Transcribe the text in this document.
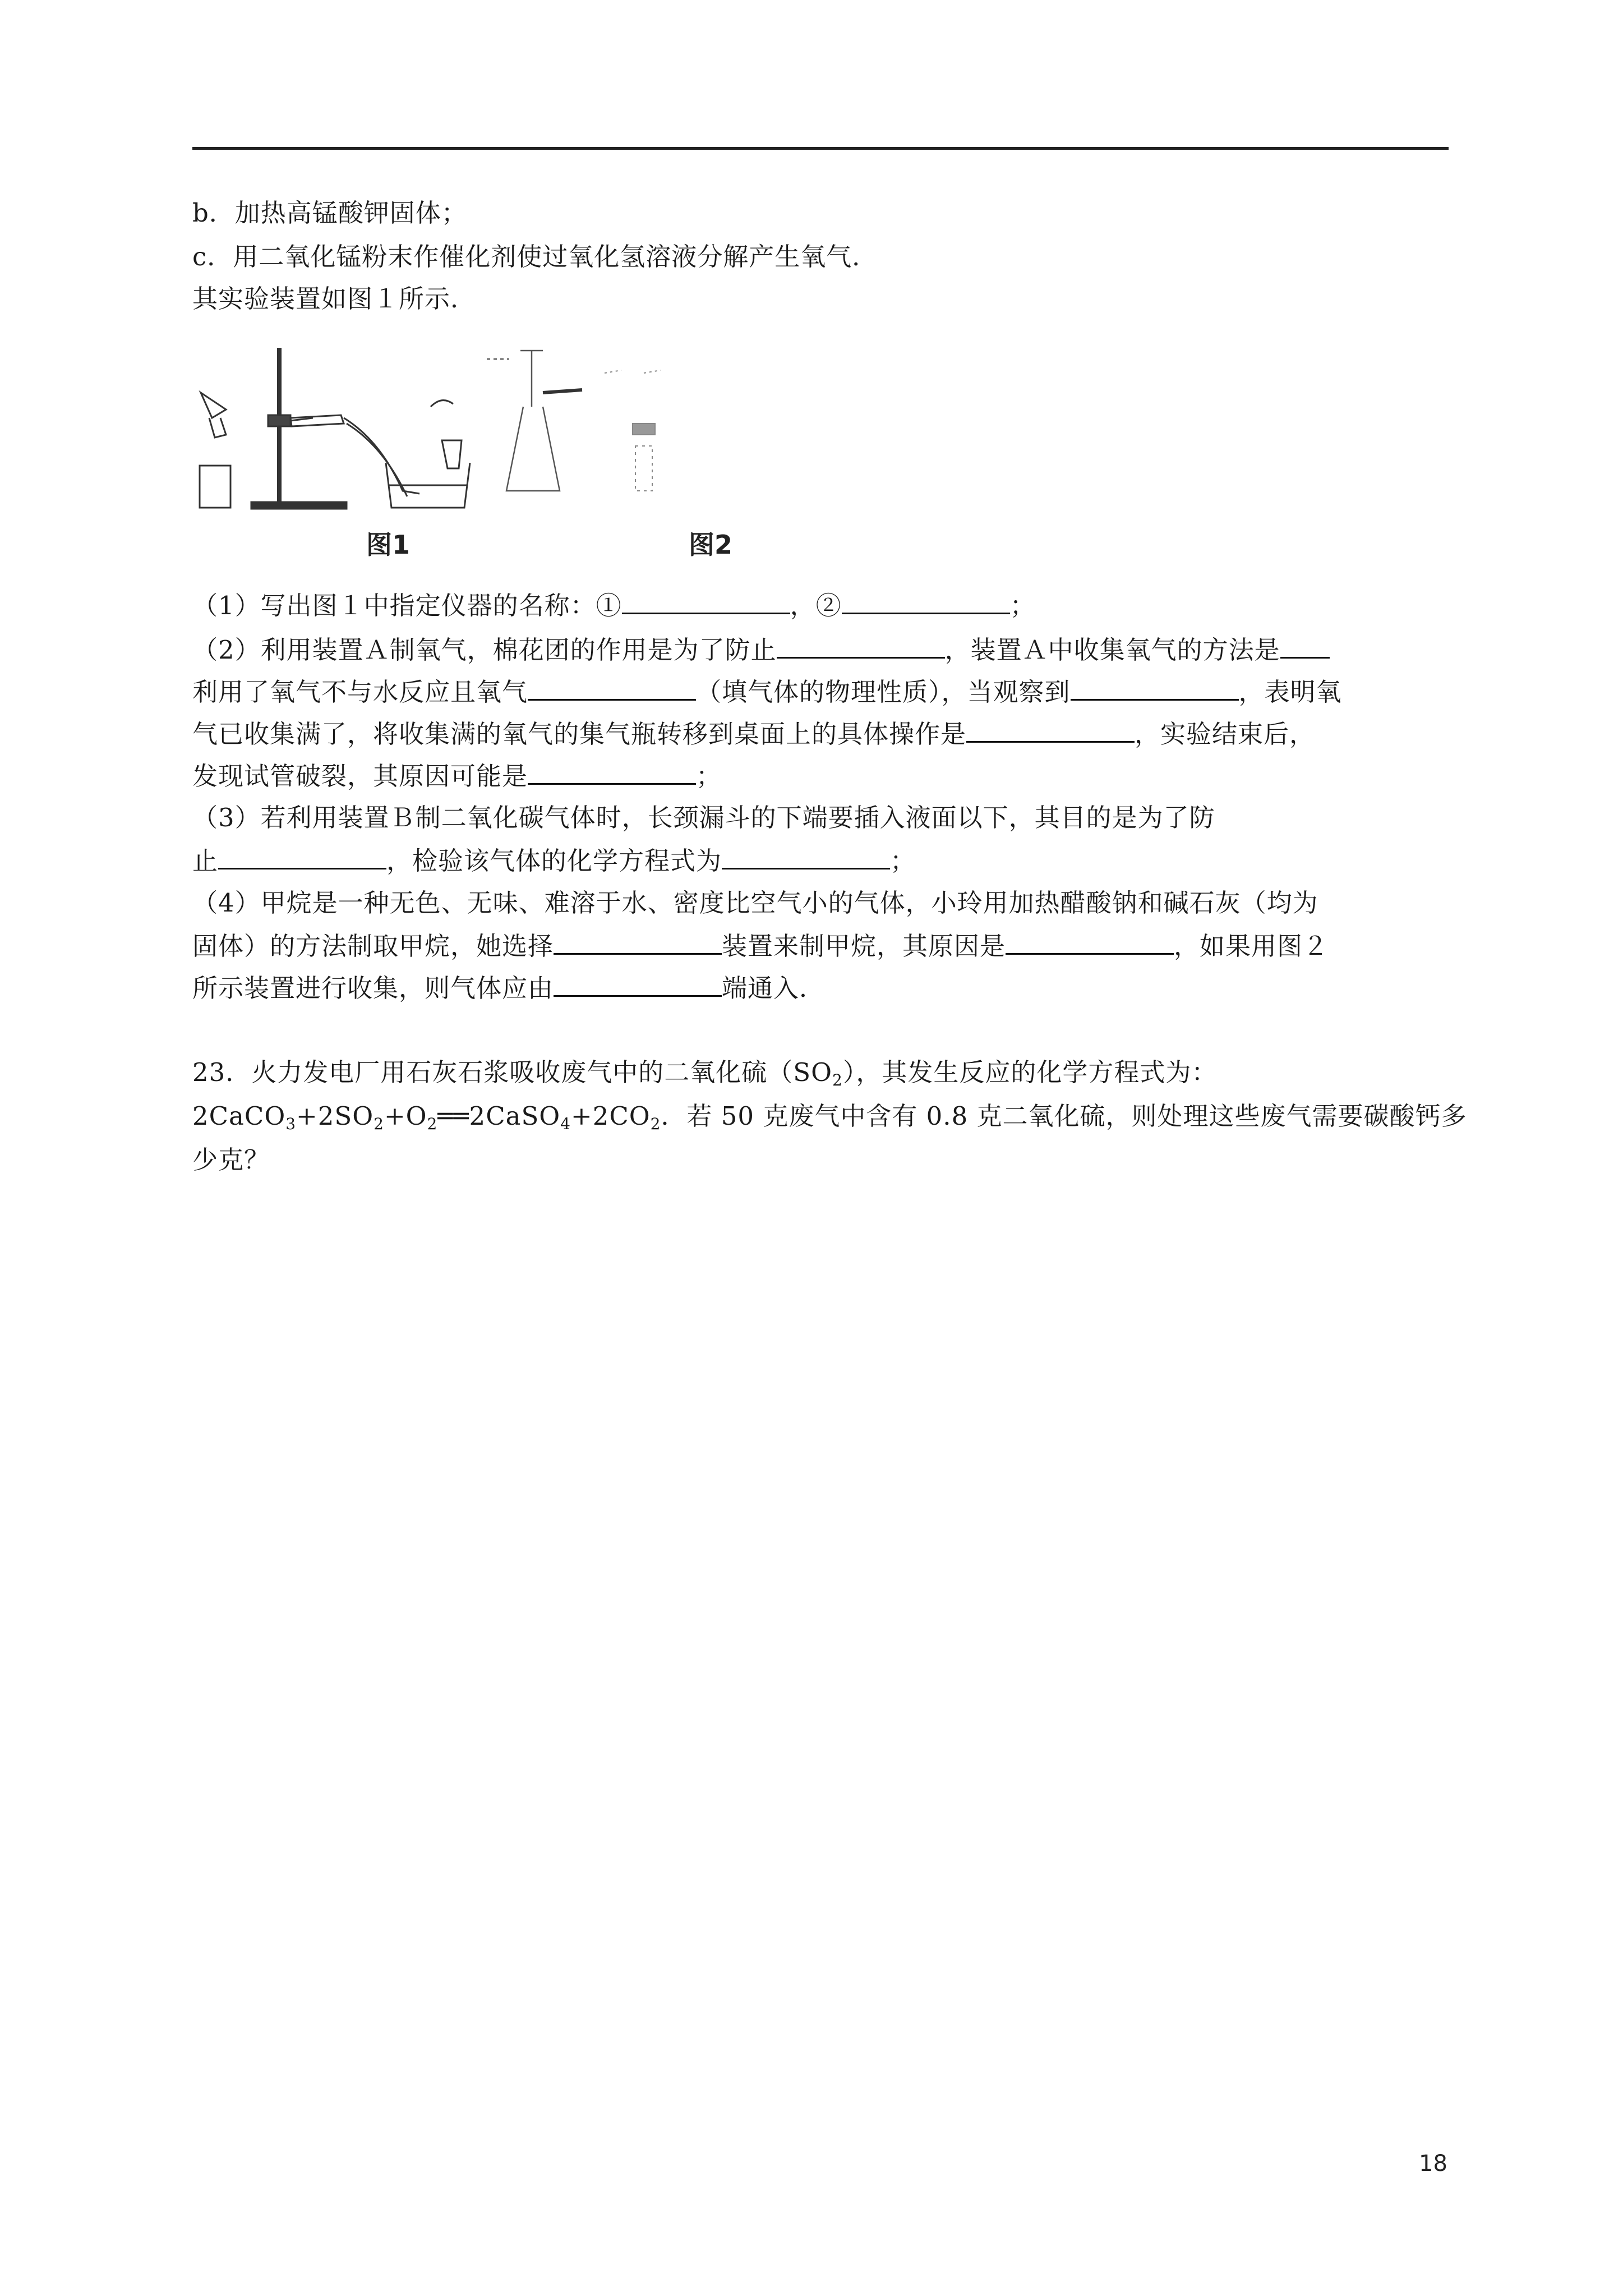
b．加热高锰酸钾固体；
c．用二氧化锰粉末作催化剂使过氧化氢溶液分解产生氧气．
其实验装置如图１所示．
图1	图2
（1）写出图１中指定仪器的名称：①	，②	；
（2）利用装置Ａ制氧气，棉花团的作用是为了防止	，装置Ａ中收集氧气的方法是
利用了氧气不与水反应且氧气	（填气体的物理性质），当观察到	，表明氧
气已收集满了，将收集满的氧气的集气瓶转移到桌面上的具体操作是	，实验结束后，
发现试管破裂，其原因可能是	；
（3）若利用装置Ｂ制二氧化碳气体时，长颈漏斗的下端要插入液面以下，其目的是为了防
止	，检验该气体的化学方程式为	；
（4）甲烷是一种无色、无味、难溶于水、密度比空气小的气体，小玲用加热醋酸钠和碱石灰（均为
固体）的方法制取甲烷，她选择	装置来制甲烷，其原因是	，如果用图２
所示装置进行收集，则气体应由	端通入．
23．火力发电厂用石灰石浆吸收废气中的二氧化硫$(SO_2)$，其发生反应的化学方程式为：
$2CaCO_3+2SO_2+O_2══2CaSO_4+2CO_2$．若 50 克废气中含有 0.8 克二氧化硫，则处理这些废气需要碳酸钙多
少克？
18
